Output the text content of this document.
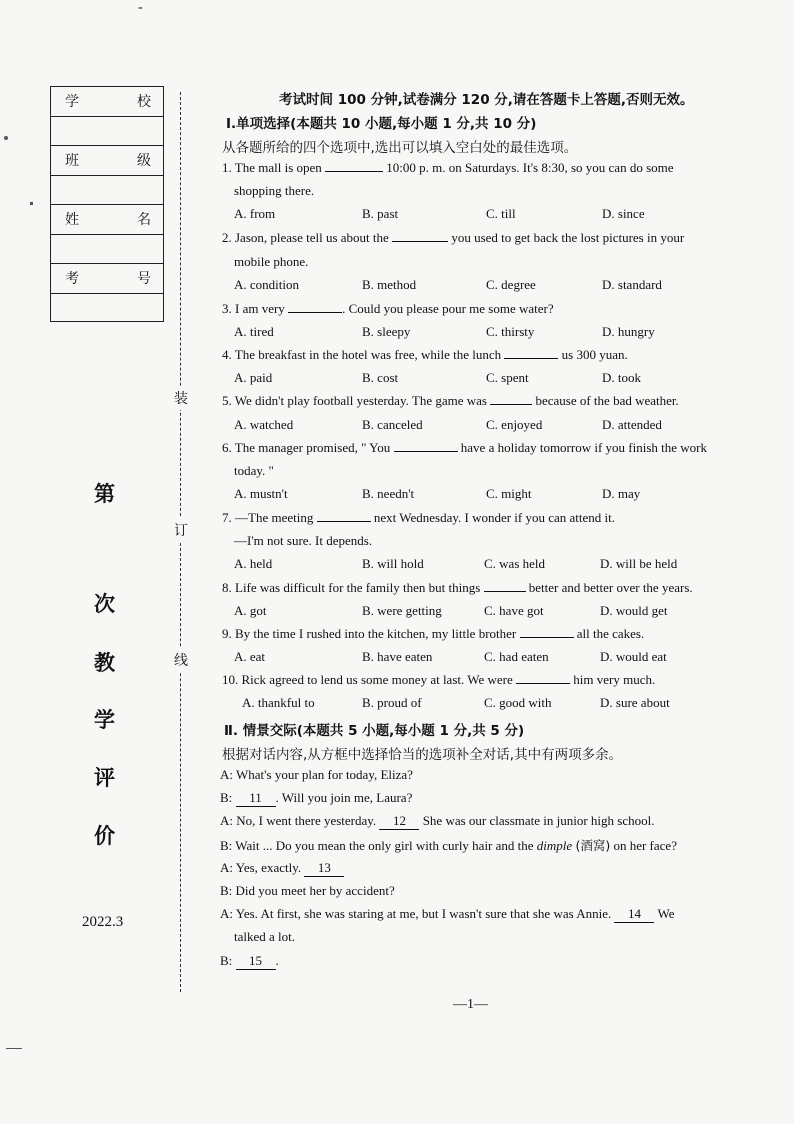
-
学	校
班	级
姓	名
考	号
装
订
线
第
次
教
学
评
价
2022.3
考试时间 100 分钟,试卷满分 120 分,请在答题卡上答题,否则无效。
Ⅰ.单项选择(本题共 10 小题,每小题 1 分,共 10 分)
从各题所给的四个选项中,选出可以填入空白处的最佳选项。
1. The mall is open	10:00 p. m. on Saturdays. It's 8:30, so you can do some
shopping there.
A. from	B. past	C. till	D. since
2. Jason, please tell us about the	you used to get back the lost pictures in your
mobile phone.
A. condition	B. method	C. degree	D. standard
3. I am very	. Could you please pour me some water?
A. tired	B. sleepy	C. thirsty	D. hungry
4. The breakfast in the hotel was free, while the lunch	us 300 yuan.
A. paid	B. cost	C. spent	D. took
5. We didn't play football yesterday. The game was	because of the bad weather.
A. watched	B. canceled	C. enjoyed	D. attended
6. The manager promised, " You	have a holiday tomorrow if you finish the work
today. "
A. mustn't	B. needn't	C. might	D. may
7. —The meeting	next Wednesday. I wonder if you can attend it.
—I'm not sure. It depends.
A. held	B. will hold	C. was held	D. will be held
8. Life was difficult for the family then but things	better and better over the years.
A. got	B. were getting	C. have got	D. would get
9. By the time I rushed into the kitchen, my little brother	all the cakes.
A. eat	B. have eaten	C. had eaten	D. would eat
10. Rick agreed to lend us some money at last. We were	him very much.
A. thankful to	B. proud of	C. good with	D. sure about
Ⅱ. 情景交际(本题共 5 小题,每小题 1 分,共 5 分)
根据对话内容,从方框中选择恰当的选项补全对话,其中有两项多余。
A: What's your plan for today, Eliza?
B: 11 . Will you join me, Laura?
A: No, I went there yesterday. 12 She was our classmate in junior high school.
B: Wait ... Do you mean the only girl with curly hair and the dimple (酒窝) on her face?
A: Yes, exactly. 13
B: Did you meet her by accident?
A: Yes. At first, she was staring at me, but I wasn't sure that she was Annie. 14 We
talked a lot.
B: 15 .
—1—
